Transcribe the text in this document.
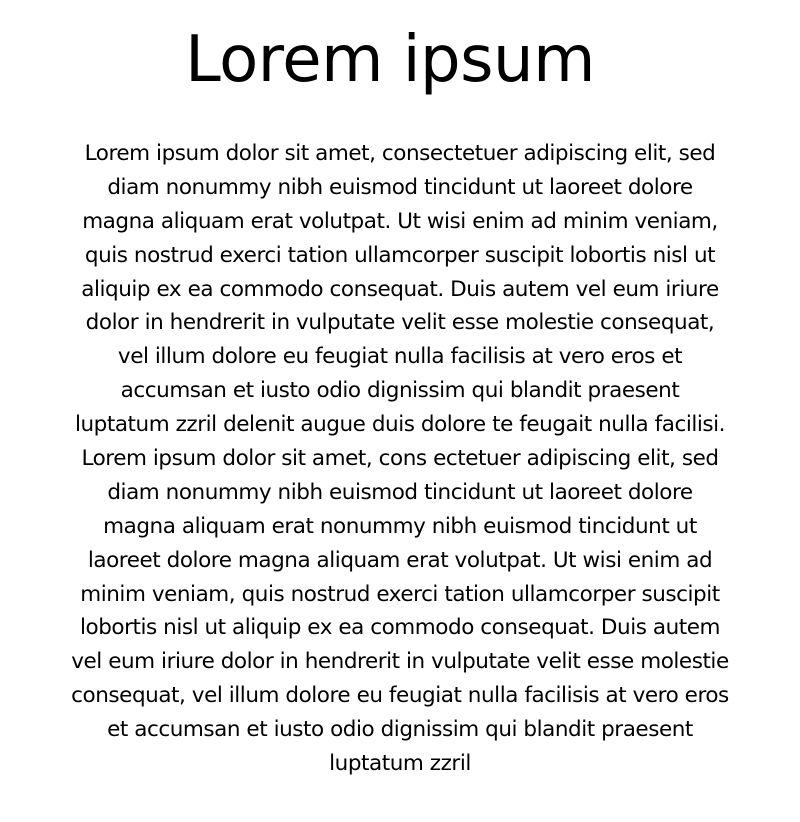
Lorem ipsum
Lorem ipsum dolor sit amet, consectetuer adipiscing elit, sed
diam nonummy nibh euismod tincidunt ut laoreet dolore
magna aliquam erat volutpat. Ut wisi enim ad minim veniam,
quis nostrud exerci tation ullamcorper suscipit lobortis nisl ut
aliquip ex ea commodo consequat. Duis autem vel eum iriure
dolor in hendrerit in vulputate velit esse molestie consequat,
vel illum dolore eu feugiat nulla facilisis at vero eros et
accumsan et iusto odio dignissim qui blandit praesent
luptatum zzril delenit augue duis dolore te feugait nulla facilisi.
Lorem ipsum dolor sit amet, cons ectetuer adipiscing elit, sed
diam nonummy nibh euismod tincidunt ut laoreet dolore
magna aliquam erat nonummy nibh euismod tincidunt ut
laoreet dolore magna aliquam erat volutpat. Ut wisi enim ad
minim veniam, quis nostrud exerci tation ullamcorper suscipit
lobortis nisl ut aliquip ex ea commodo consequat. Duis autem
vel eum iriure dolor in hendrerit in vulputate velit esse molestie
consequat, vel illum dolore eu feugiat nulla facilisis at vero eros
et accumsan et iusto odio dignissim qui blandit praesent
luptatum zzril
